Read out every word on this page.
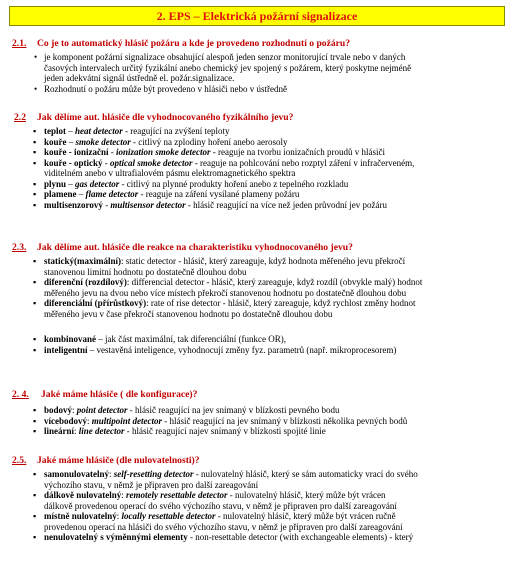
2. EPS – Elektrická požární signalizace
2.1. Co je to automatický hlásič požáru a kde je provedeno rozhodnutí o požáru?
• je komponent požární signalizace obsahující alespoň jeden senzor monitorující trvale nebo v daných
časových intervalech určitý fyzikální anebo chemický jev spojený s požárem, který poskytne nejméně
jeden adekvátní signál ústředně el. požár.signalizace.
• Rozhodnutí o požáru může být provedeno v hlásiči nebo v ústředně
2.2 Jak dělíme aut. hlásiče dle vyhodnocovaného fyzikálního jevu?
▪ teplot – heat detector - reagující na zvýšení teploty
▪ kouře – smoke detector - citlivý na zplodiny hoření anebo aerosoly
▪ kouře - ionizační - ionization smoke detector - reaguje na tvorbu ionizačních proudů v hlásiči
▪ kouře - optický - optical smoke detector - reaguje na pohlcování nebo rozptyl záření v infračerveném,
viditelném anebo v ultrafialovém pásmu elektromagnetického spektra
▪ plynu – gas detector - citlivý na plynné produkty hoření anebo z tepelného rozkladu
▪ plamene – flame detector - reaguje na záření vysílané plameny požáru
▪ multisenzorový - multisensor detector - hlásič reagující na více než jeden průvodní jev požáru
2.3. Jak dělíme aut. hlásiče dle reakce na charakteristiku vyhodnocovaného jevu?
▪ statický(maximální): static detector - hlásič, který zareaguje, když hodnota měřeného jevu překročí
stanovenou limitní hodnotu po dostatečně dlouhou dobu
▪ diferenční (rozdílový): differencial detector - hlásič, který zareaguje, když rozdíl (obvykle malý) hodnot
měřeného jevu na dvou nebo více místech překročí stanovenou hodnotu po dostatečně dlouhou dobu
▪ diferenciální (přírůstkový): rate of rise detector - hlásič, který zareaguje, když rychlost změny hodnot
měřeného jevu v čase překročí stanovenou hodnotu po dostatečně dlouhou dobu
▪ kombinované – jak část maximální, tak diferenciální (funkce OR),
▪ inteligentní – vestavěná inteligence, vyhodnocují změny fyz. parametrů (např. mikroprocesorem)
2. 4. Jaké máme hlásiče ( dle konfigurace)?
▪ bodový: point detector - hlásič reagující na jev snímaný v blízkosti pevného bodu
▪ vícebodový: multipoint detector - hlásič reagující na jev snímaný v blízkosti několika pevných bodů
▪ lineární: line detector - hlásič reagující najev snímaný v blízkosti spojité linie
2.5. Jaké máme hlásiče (dle nulovatelnosti)?
▪ samonulovatelný: self-resetting detector - nulovatelný hlásič, který se sám automaticky vrací do svého
výchozího stavu, v němž je připraven pro další zareagování
▪ dálkově nulovatelný: remotely resettable detector - nulovatelný hlásič, který může být vrácen
dálkově provedenou operací do svého výchozího stavu, v němž je připraven pro další zareagování
▪ místně nulovatelný: locally resettable detector - nulovatelný hlásič, který může být vrácen ručně
provedenou operací na hlásiči do svého výchozího stavu, v němž je připraven pro další zareagování
▪ nenulovatelný s výměnnými elementy - non-resettable detector (with exchangeable elements) - který
